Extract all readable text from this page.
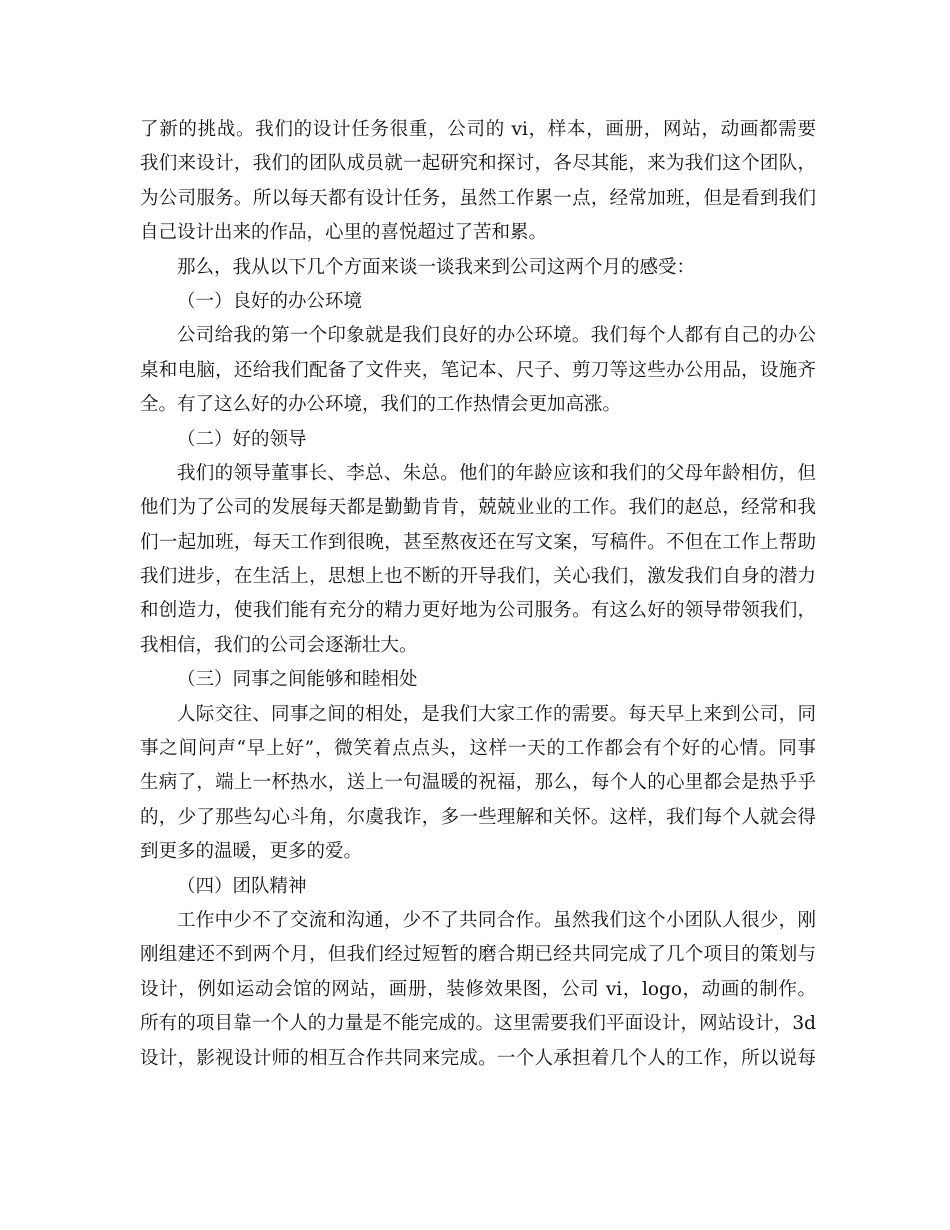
了新的挑战。我们的设计任务很重，公司的 vi，样本，画册，网站，动画都需要
我们来设计，我们的团队成员就一起研究和探讨，各尽其能，来为我们这个团队，
为公司服务。所以每天都有设计任务，虽然工作累一点，经常加班，但是看到我们
自己设计出来的作品，心里的喜悦超过了苦和累。
那么，我从以下几个方面来谈一谈我来到公司这两个月的感受：
（一）良好的办公环境
公司给我的第一个印象就是我们良好的办公环境。我们每个人都有自己的办公
桌和电脑，还给我们配备了文件夹，笔记本、尺子、剪刀等这些办公用品，设施齐
全。有了这么好的办公环境，我们的工作热情会更加高涨。
（二）好的领导
我们的领导董事长、李总、朱总。他们的年龄应该和我们的父母年龄相仿，但
他们为了公司的发展每天都是勤勤肯肯，兢兢业业的工作。我们的赵总，经常和我
们一起加班，每天工作到很晚，甚至熬夜还在写文案，写稿件。不但在工作上帮助
我们进步，在生活上，思想上也不断的开导我们，关心我们，激发我们自身的潜力
和创造力，使我们能有充分的精力更好地为公司服务。有这么好的领导带领我们，
我相信，我们的公司会逐渐壮大。
（三）同事之间能够和睦相处
人际交往、同事之间的相处，是我们大家工作的需要。每天早上来到公司，同
事之间问声“早上好”，微笑着点点头，这样一天的工作都会有个好的心情。同事
生病了，端上一杯热水，送上一句温暖的祝福，那么，每个人的心里都会是热乎乎
的，少了那些勾心斗角，尔虞我诈，多一些理解和关怀。这样，我们每个人就会得
到更多的温暖，更多的爱。
（四）团队精神
工作中少不了交流和沟通，少不了共同合作。虽然我们这个小团队人很少，刚
刚组建还不到两个月，但我们经过短暂的磨合期已经共同完成了几个项目的策划与
设计，例如运动会馆的网站，画册，装修效果图，公司 vi，logo，动画的制作。
所有的项目靠一个人的力量是不能完成的。这里需要我们平面设计，网站设计，3d
设计，影视设计师的相互合作共同来完成。一个人承担着几个人的工作，所以说每
